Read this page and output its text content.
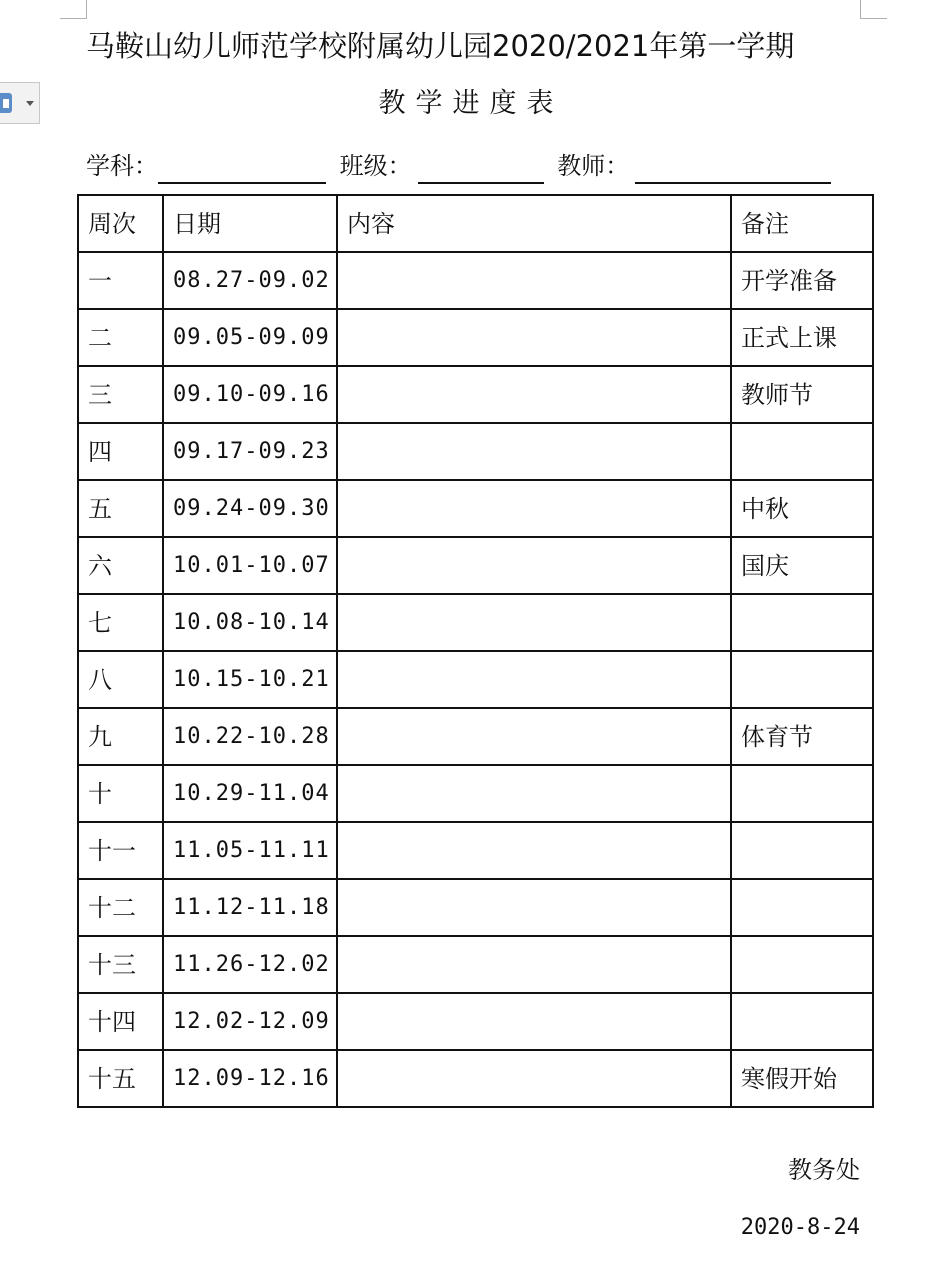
马鞍山幼儿师范学校附属幼儿园2020/2021年第一学期
教学进度表
学科：	班级：	教师：
周次	日期	内容	备注
一	08.27-09.02		开学准备
二	09.05-09.09		正式上课
三	09.10-09.16		教师节
四	09.17-09.23		
五	09.24-09.30		中秋
六	10.01-10.07		国庆
七	10.08-10.14		
八	10.15-10.21		
九	10.22-10.28		体育节
十	10.29-11.04		
十一	11.05-11.11		
十二	11.12-11.18		
十三	11.26-12.02		
十四	12.02-12.09		
十五	12.09-12.16		寒假开始
教务处
2020-8-24
